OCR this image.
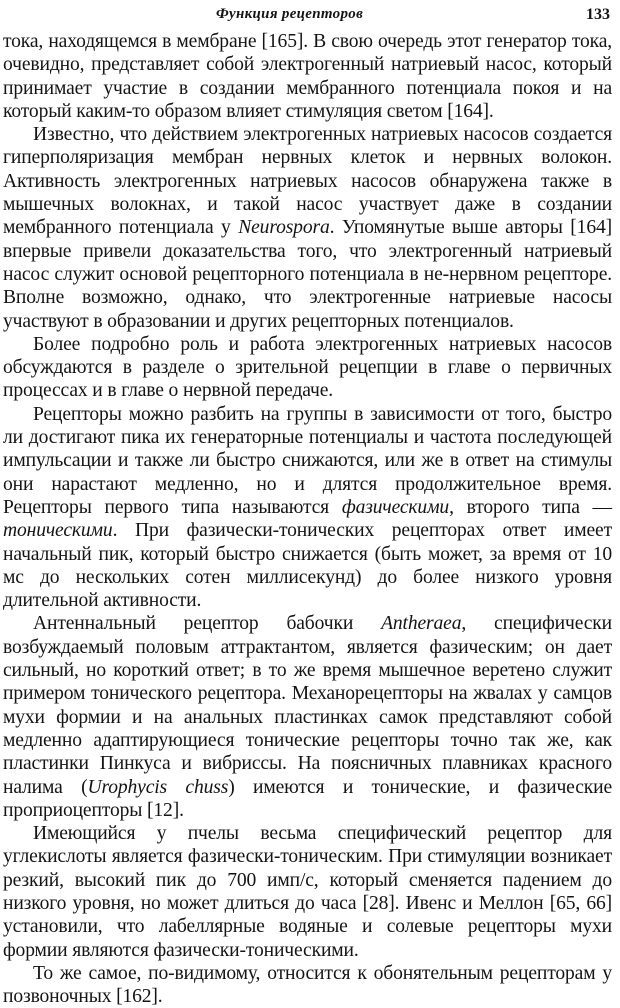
Функция рецепторов	133

тока, находящемся в мембране [165]. В свою очередь этот генератор тока, очевидно, представляет собой электрогенный натриевый насос, который принимает участие в создании мембранного потенциала покоя и на который каким-то образом влияет стимуляция светом [164].

Известно, что действием электрогенных натриевых насосов создается гиперполяризация мембран нервных клеток и нервных волокон. Активность электрогенных натриевых насосов обнаружена также в мышечных волокнах, и такой насос участвует даже в создании мембранного потенциала у Neurospora. Упомянутые выше авторы [164] впервые привели доказательства того, что электрогенный натриевый насос служит основой рецепторного потенциала в не-нервном рецепторе. Вполне возможно, однако, что электрогенные натриевые насосы участвуют в образовании и других рецепторных потенциалов.

Более подробно роль и работа электрогенных натриевых насосов обсуждаются в разделе о зрительной рецепции в главе о первичных процессах и в главе о нервной передаче.

Рецепторы можно разбить на группы в зависимости от того, быстро ли достигают пика их генераторные потенциалы и частота последующей импульсации и также ли быстро снижаются, или же в ответ на стимулы они нарастают медленно, но и длятся продолжительное время. Рецепторы первого типа называются фазическими, второго типа — тоническими. При фазически-тонических рецепторах ответ имеет начальный пик, который быстро снижается (быть может, за время от 10 мс до нескольких сотен миллисекунд) до более низкого уровня длительной активности.

Антеннальный рецептор бабочки Antheraea, специфически возбуждаемый половым аттрактантом, является фазическим; он дает сильный, но короткий ответ; в то же время мышечное веретено служит примером тонического рецептора. Механорецепторы на жвалах у самцов мухи формии и на анальных пластинках самок представляют собой медленно адаптирующиеся тонические рецепторы точно так же, как пластинки Пинкуса и вибриссы. На поясничных плавниках красного налима (Urophycis chuss) имеются и тонические, и фазические проприоцепторы [12].

Имеющийся у пчелы весьма специфический рецептор для углекислоты является фазически-тоническим. При стимуляции возникает резкий, высокий пик до 700 имп/с, который сменяется падением до низкого уровня, но может длиться до часа [28]. Ивенс и Меллон [65, 66] установили, что лабеллярные водяные и солевые рецепторы мухи формии являются фазически-тоническими.

То же самое, по-видимому, относится к обонятельным рецепторам у позвоночных [162].
